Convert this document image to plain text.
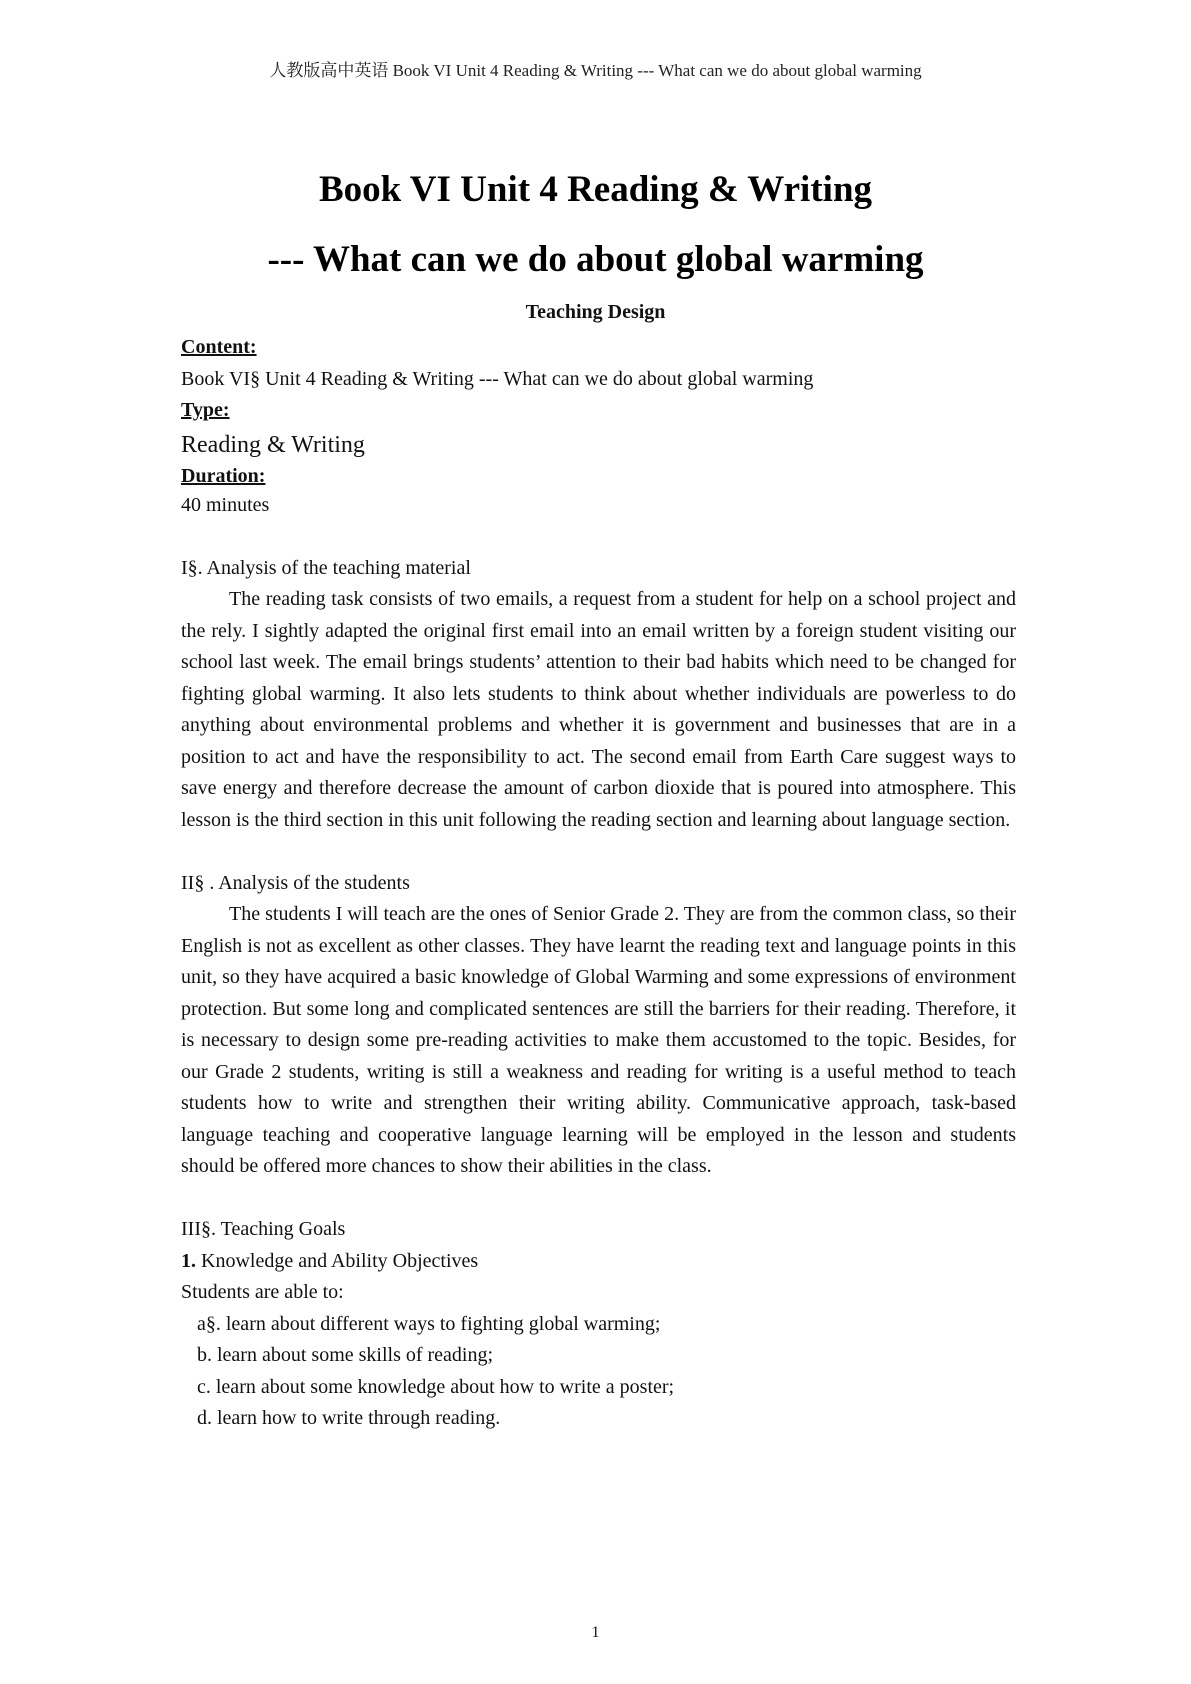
人教版高中英语 Book VI Unit 4 Reading & Writing --- What can we do about global warming
Book VI Unit 4 Reading & Writing
--- What can we do about global warming
Teaching Design
Content:
Book VI§ Unit 4 Reading & Writing --- What can we do about global warming
Type:
Reading & Writing
Duration:
40 minutes
I§. Analysis of the teaching material

The reading task consists of two emails, a request from a student for help on a school project and the rely. I sightly adapted the original first email into an email written by a foreign student visiting our school last week. The email brings students’ attention to their bad habits which need to be changed for fighting global warming. It also lets students to think about whether individuals are powerless to do anything about environmental problems and whether it is government and businesses that are in a position to act and have the responsibility to act. The second email from Earth Care suggest ways to save energy and therefore decrease the amount of carbon dioxide that is poured into atmosphere. This lesson is the third section in this unit following the reading section and learning about language section.

II§ . Analysis of the students

The students I will teach are the ones of Senior Grade 2. They are from the common class, so their English is not as excellent as other classes. They have learnt the reading text and language points in this unit, so they have acquired a basic knowledge of Global Warming and some expressions of environment protection. But some long and complicated sentences are still the barriers for their reading. Therefore, it is necessary to design some pre-reading activities to make them accustomed to the topic. Besides, for our Grade 2 students, writing is still a weakness and reading for writing is a useful method to teach students how to write and strengthen their writing ability. Communicative approach, task-based language teaching and cooperative language learning will be employed in the lesson and students should be offered more chances to show their abilities in the class.

III§. Teaching Goals
1. Knowledge and Ability Objectives
Students are able to:
a§. learn about different ways to fighting global warming;
b. learn about some skills of reading;
c. learn about some knowledge about how to write a poster;
d. learn how to write through reading.
1
